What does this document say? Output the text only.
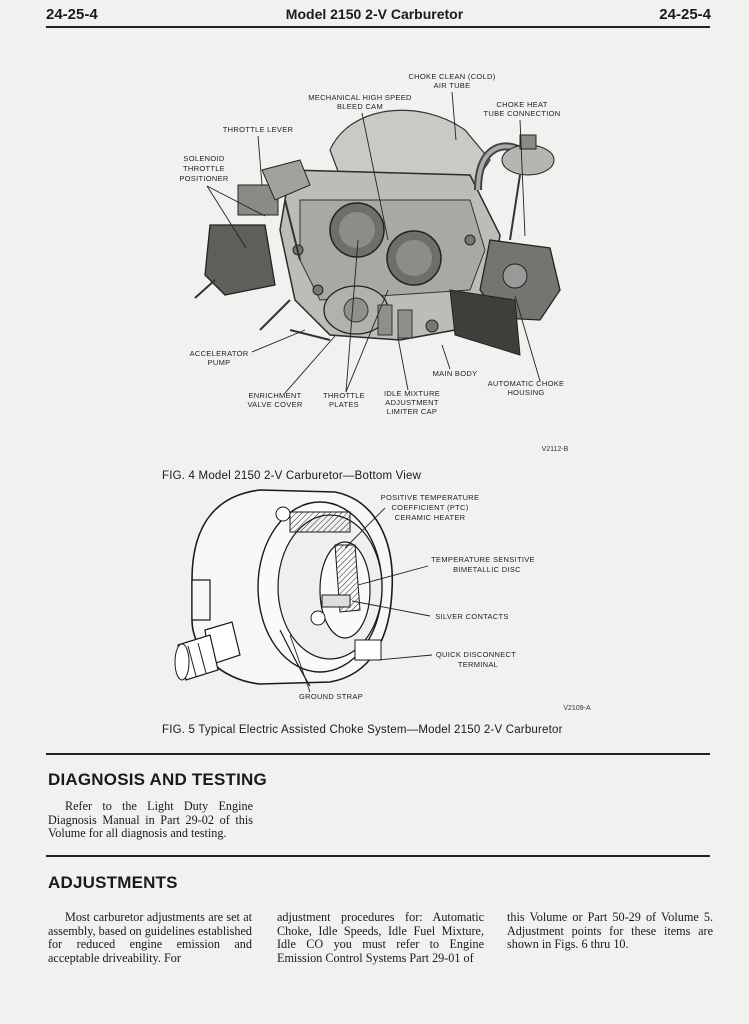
24-25-4	Model 2150 2-V Carburetor	24-25-4
CHOKE CLEAN (COLD)
AIR TUBE
MECHANICAL HIGH SPEED
BLEED CAM	CHOKE HEAT
TUBE CONNECTION
THROTTLE LEVER
SOLENOID
THROTTLE
POSITIONER
ACCELERATOR
PUMP
MAIN BODY
AUTOMATIC CHOKE
HOUSING
ENRICHMENT
VALVE COVER
THROTTLE
PLATES
IDLE MIXTURE
ADJUSTMENT
LIMITER CAP
V2112-B
POSITIVE TEMPERATURE
COEFFICIENT (PTC)
CERAMIC HEATER
TEMPERATURE SENSITIVE
BIMETALLIC DISC
SILVER CONTACTS
QUICK DISCONNECT
TERMINAL
GROUND STRAP
V2109-A
FIG. 4 Model 2150 2-V Carburetor—Bottom View
FIG. 5 Typical Electric Assisted Choke System—Model 2150 2-V Carburetor
DIAGNOSIS AND TESTING

Refer to the Light Duty Engine Diagnosis Manual in Part 29-02 of this Volume for all diagnosis and testing.

ADJUSTMENTS

Most carburetor adjustments are set at assembly, based on guidelines established for reduced engine emission and acceptable driveability. For

adjustment procedures for: Automatic Choke, Idle Speeds, Idle Fuel Mixture, Idle CO you must refer to Engine Emission Control Systems Part 29-01 of

this Volume or Part 50-29 of Volume 5. Adjustment points for these items are shown in Figs. 6 thru 10.
